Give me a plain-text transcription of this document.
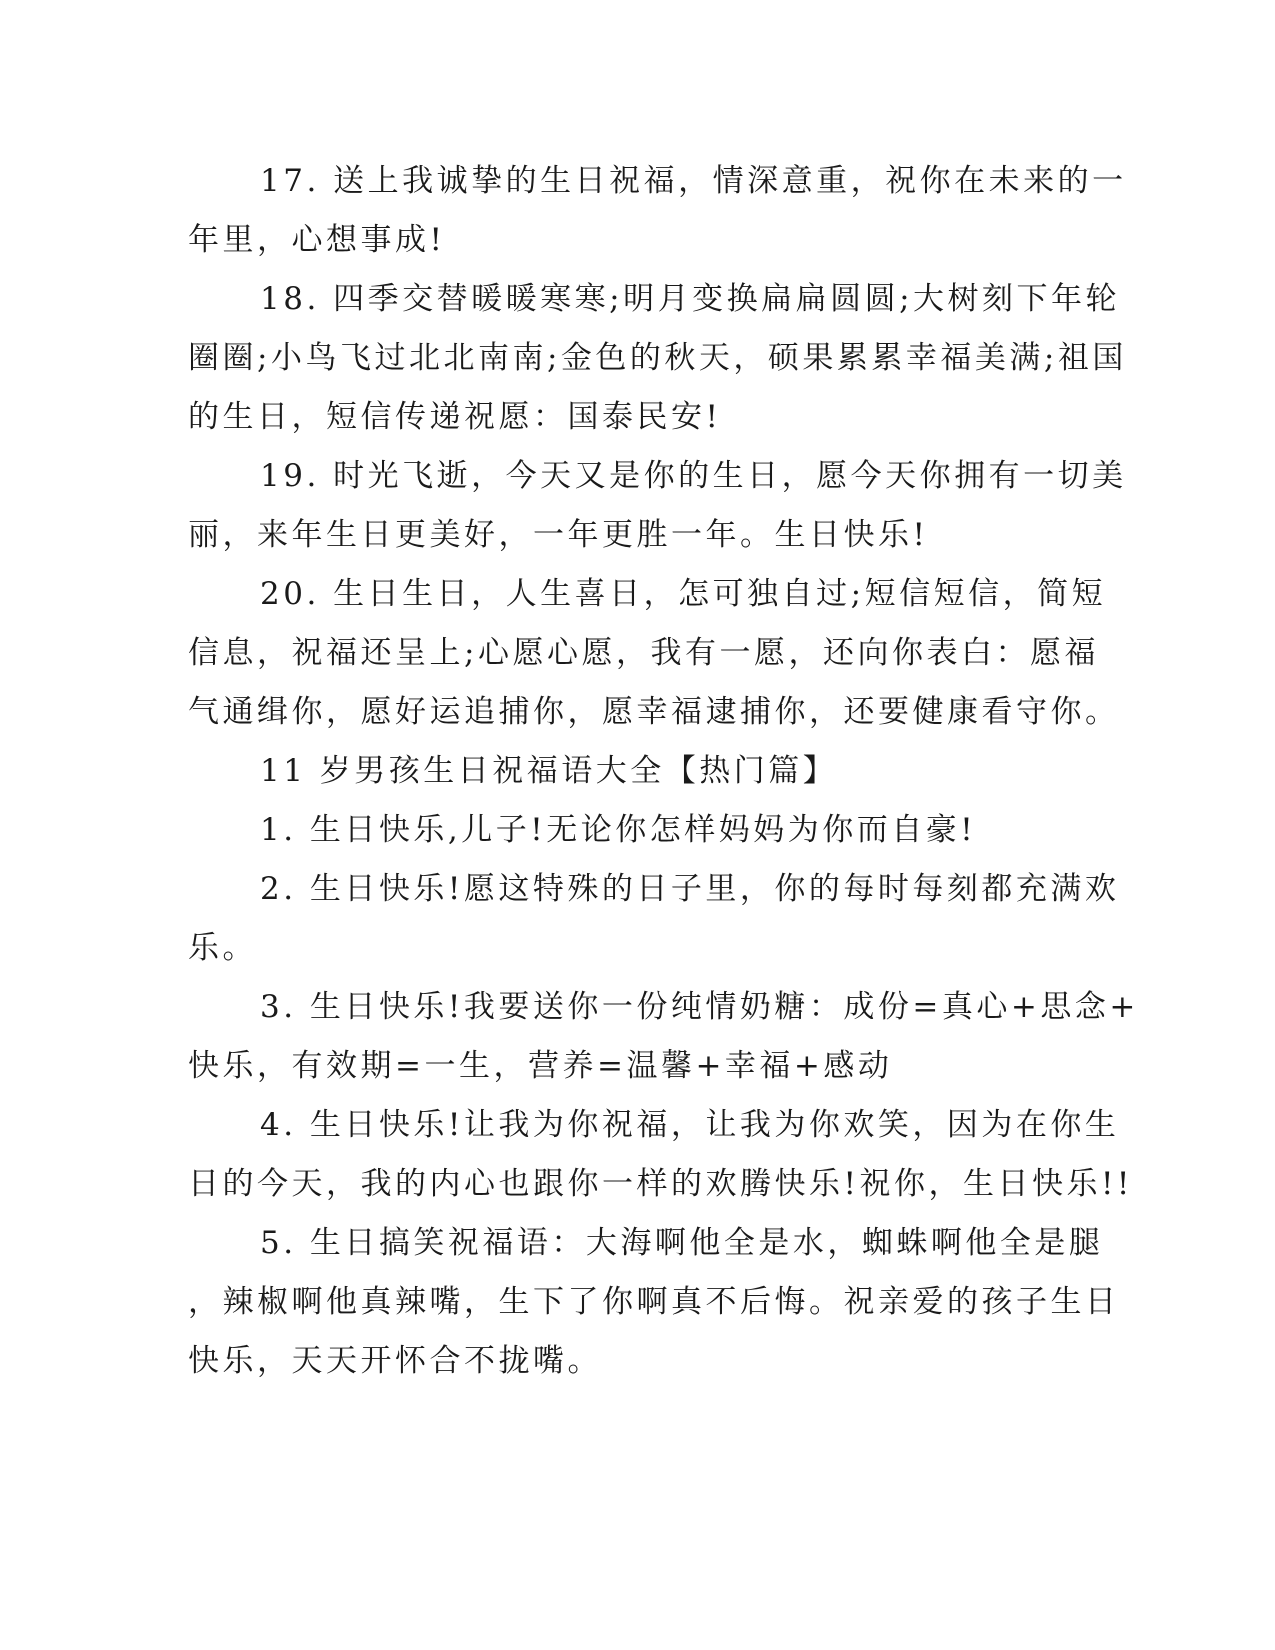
17. 送上我诚挚的生日祝福，情深意重，祝你在未来的一
年里，心想事成!
18. 四季交替暖暖寒寒;明月变换扁扁圆圆;大树刻下年轮
圈圈;小鸟飞过北北南南;金色的秋天，硕果累累幸福美满;祖国
的生日，短信传递祝愿：国泰民安!
19. 时光飞逝，今天又是你的生日，愿今天你拥有一切美
丽，来年生日更美好，一年更胜一年。生日快乐!
20. 生日生日，人生喜日，怎可独自过;短信短信，简短
信息，祝福还呈上;心愿心愿，我有一愿，还向你表白：愿福
气通缉你，愿好运追捕你，愿幸福逮捕你，还要健康看守你。
11 岁男孩生日祝福语大全【热门篇】
1. 生日快乐,儿子!无论你怎样妈妈为你而自豪!
2. 生日快乐!愿这特殊的日子里，你的每时每刻都充满欢
乐。
3. 生日快乐!我要送你一份纯情奶糖：成份=真心+思念+
快乐，有效期=一生，营养=温馨+幸福+感动
4. 生日快乐!让我为你祝福，让我为你欢笑，因为在你生
日的今天，我的内心也跟你一样的欢腾快乐!祝你，生日快乐!!
5. 生日搞笑祝福语：大海啊他全是水，蜘蛛啊他全是腿
，辣椒啊他真辣嘴，生下了你啊真不后悔。祝亲爱的孩子生日
快乐，天天开怀合不拢嘴。
